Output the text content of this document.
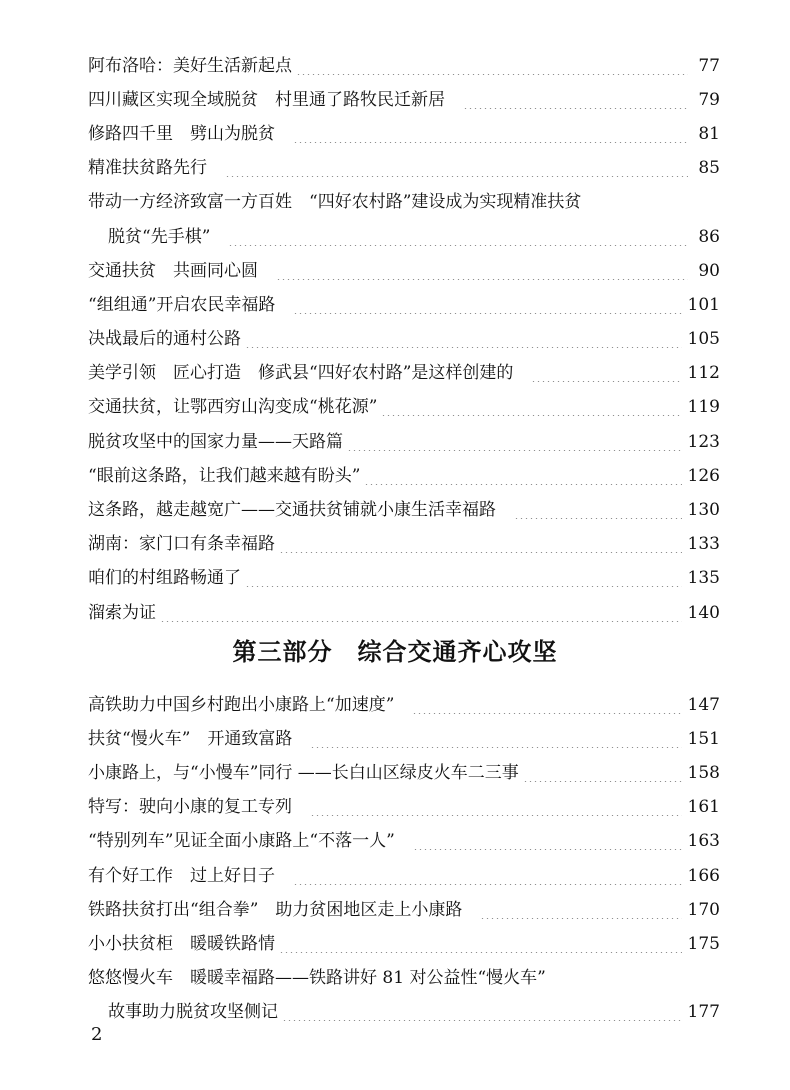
阿布洛哈：美好生活新起点	77
四川藏区实现全域脱贫　村里通了路牧民迁新居	79
修路四千里　劈山为脱贫	81
精准扶贫路先行	85
带动一方经济致富一方百姓　“四好农村路”建设成为实现精准扶贫
脱贫“先手棋”	86
交通扶贫　共画同心圆	90
“组组通”开启农民幸福路	101
决战最后的通村公路	105
美学引领　匠心打造　修武县“四好农村路”是这样创建的	112
交通扶贫，让鄂西穷山沟变成“桃花源”	119
脱贫攻坚中的国家力量——天路篇	123
“眼前这条路，让我们越来越有盼头”	126
这条路，越走越宽广——交通扶贫铺就小康生活幸福路	130
湖南：家门口有条幸福路	133
咱们的村组路畅通了	135
溜索为证	140
第三部分　综合交通齐心攻坚
高铁助力中国乡村跑出小康路上“加速度”	147
扶贫“慢火车”　开通致富路	151
小康路上，与“小慢车”同行 ——长白山区绿皮火车二三事	158
特写：驶向小康的复工专列	161
“特别列车”见证全面小康路上“不落一人”	163
有个好工作　过上好日子	166
铁路扶贫打出“组合拳”　助力贫困地区走上小康路	170
小小扶贫柜　暖暖铁路情	175
悠悠慢火车　暖暖幸福路——铁路讲好 81 对公益性“慢火车”
故事助力脱贫攻坚侧记	177
2
